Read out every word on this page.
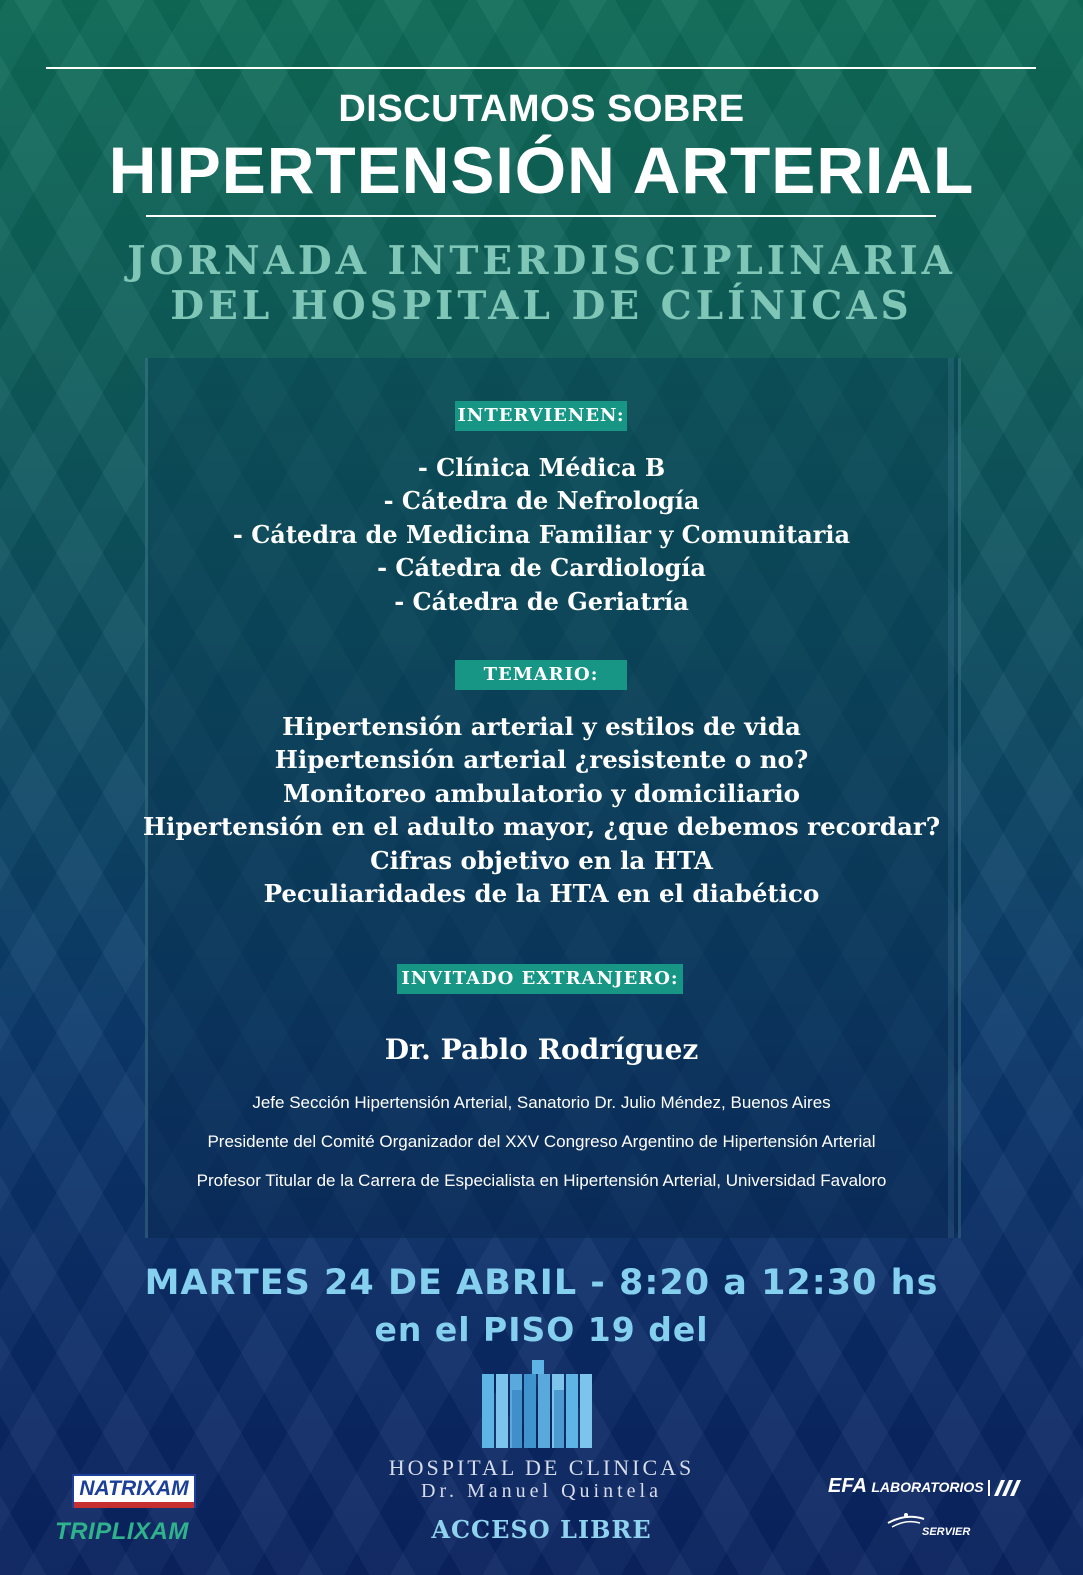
DISCUTAMOS SOBRE
HIPERTENSIÓN ARTERIAL
JORNADA INTERDISCIPLINARIA
DEL HOSPITAL DE CLÍNICAS
INTERVIENEN:
- Clínica Médica B
- Cátedra de Nefrología
- Cátedra de Medicina Familiar y Comunitaria
- Cátedra de Cardiología
- Cátedra de Geriatría
TEMARIO:
Hipertensión arterial y estilos de vida
Hipertensión arterial ¿resistente o no?
Monitoreo ambulatorio y domiciliario
Hipertensión en el adulto mayor, ¿que debemos recordar?
Cifras objetivo en la HTA
Peculiaridades de la HTA en el diabético
INVITADO EXTRANJERO:
Dr. Pablo Rodríguez
Jefe Sección Hipertensión Arterial, Sanatorio Dr. Julio Méndez, Buenos Aires
Presidente del Comité Organizador del XXV Congreso Argentino de Hipertensión Arterial
Profesor Titular de la Carrera de Especialista en Hipertensión Arterial, Universidad Favaloro
MARTES 24 DE ABRIL - 8:20 a 12:30 hs
en el PISO 19 del
HOSPITAL DE CLINICAS
Dr. Manuel Quintela
ACCESO LIBRE
NATRIXAM
TRIPLIXAM
EFA LABORATORIOS
SERVIER
